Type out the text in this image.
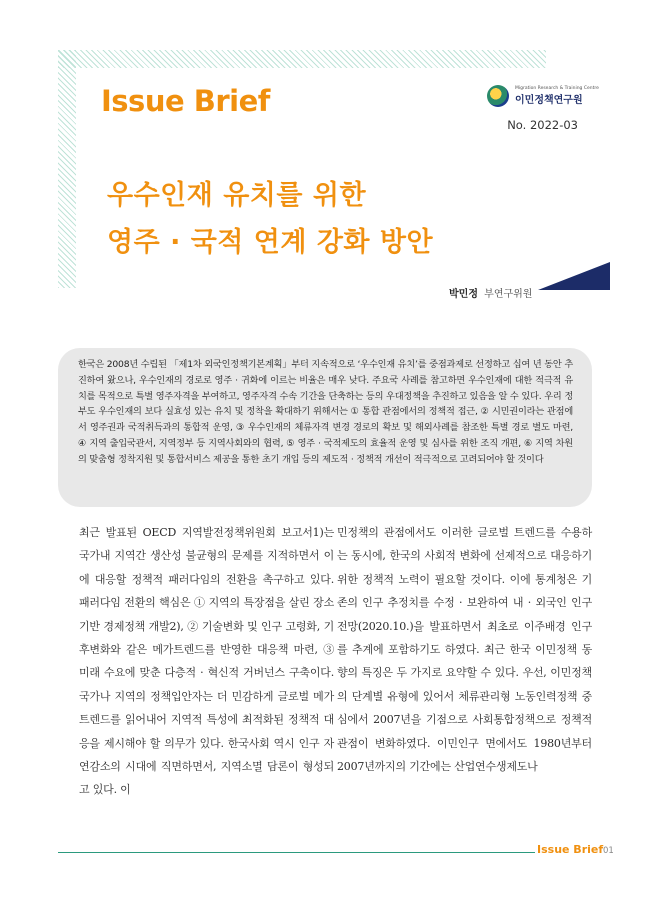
Issue Brief	Migration Research & Training Centre
이민정책연구원
No. 2022-03
우수인재 유치를 위한
영주 · 국적 연계 강화 방안
박민정 부연구위원

한국은 2008년 수립된 「제1차 외국인정책기본계획」부터 지속적으로 ‘우수인재 유치’를 중점과제로 선정하고 십여 년 동안 추진하여 왔으나, 우수인재의 경로로 영주 · 귀화에 이르는 비율은 매우 낮다. 주요국 사례를 참고하면 우수인재에 대한 적극적 유치를 목적으로 특별 영주자격을 부여하고, 영주자격 수속 기간을 단축하는 등의 우대정책을 추진하고 있음을 알 수 있다. 우리 정부도 우수인재의 보다 실효성 있는 유치 및 정착을 확대하기 위해서는 ① 통합 관점에서의 정책적 접근, ② 시민권이라는 관점에서 영주권과 국적취득과의 통합적 운영, ③ 우수인재의 체류자격 변경 경로의 확보 및 해외사례를 참조한 특별 경로 별도 마련, ④ 지역 출입국관서, 지역정부 등 지역사회와의 협력, ⑤ 영주 · 국적제도의 효율적 운영 및 심사를 위한 조직 개편, ⑥ 지역 차원의 맞춤형 정착지원 및 통합서비스 제공을 통한 초기 개입 등의 제도적 · 정책적 개선이 적극적으로 고려되어야 할 것이다

최근 발표된 OECD 지역발전정책위원회 보고서1)는 국가내 지역간 생산성 불균형의 문제를 지적하면서 이에 대응할 정책적 패러다임의 전환을 촉구하고 있다. 패러다임 전환의 핵심은 ① 지역의 특장점을 살린 장소기반 경제정책 개발2), ② 기술변화 및 인구 고령화, 기후변화와 같은 메가트렌드를 반영한 대응책 마련, ③ 미래 수요에 맞춘 다층적 · 혁신적 거버넌스 구축이다. 국가나 지역의 정책입안자는 더 민감하게 글로벌 메가트렌드를 읽어내어 지역적 특성에 최적화된 정책적 대응을 제시해야 할 의무가 있다. 한국사회 역시 인구 자연감소의 시대에 직면하면서, 지역소멸 담론이 형성되고 있다. 이

민정책의 관점에서도 이러한 글로벌 트렌드를 수용하는 동시에, 한국의 사회적 변화에 선제적으로 대응하기 위한 정책적 노력이 필요할 것이다. 이에 통계청은 기존의 인구 추정치를 수정 · 보완하여 내 · 외국인 인구전망(2020.10.)을 발표하면서 최초로 이주배경 인구를 추계에 포함하기도 하였다. 최근 한국 이민정책 동향의 특징은 두 가지로 요약할 수 있다. 우선, 이민정책의 단계별 유형에 있어서 체류관리형 노동인력정책 중심에서 2007년을 기점으로 사회통합정책으로 정책적 관점이 변화하였다. 이민인구 면에서도 1980년부터 2007년까지의 기간에는 산업연수생제도나

Issue Brief 01
